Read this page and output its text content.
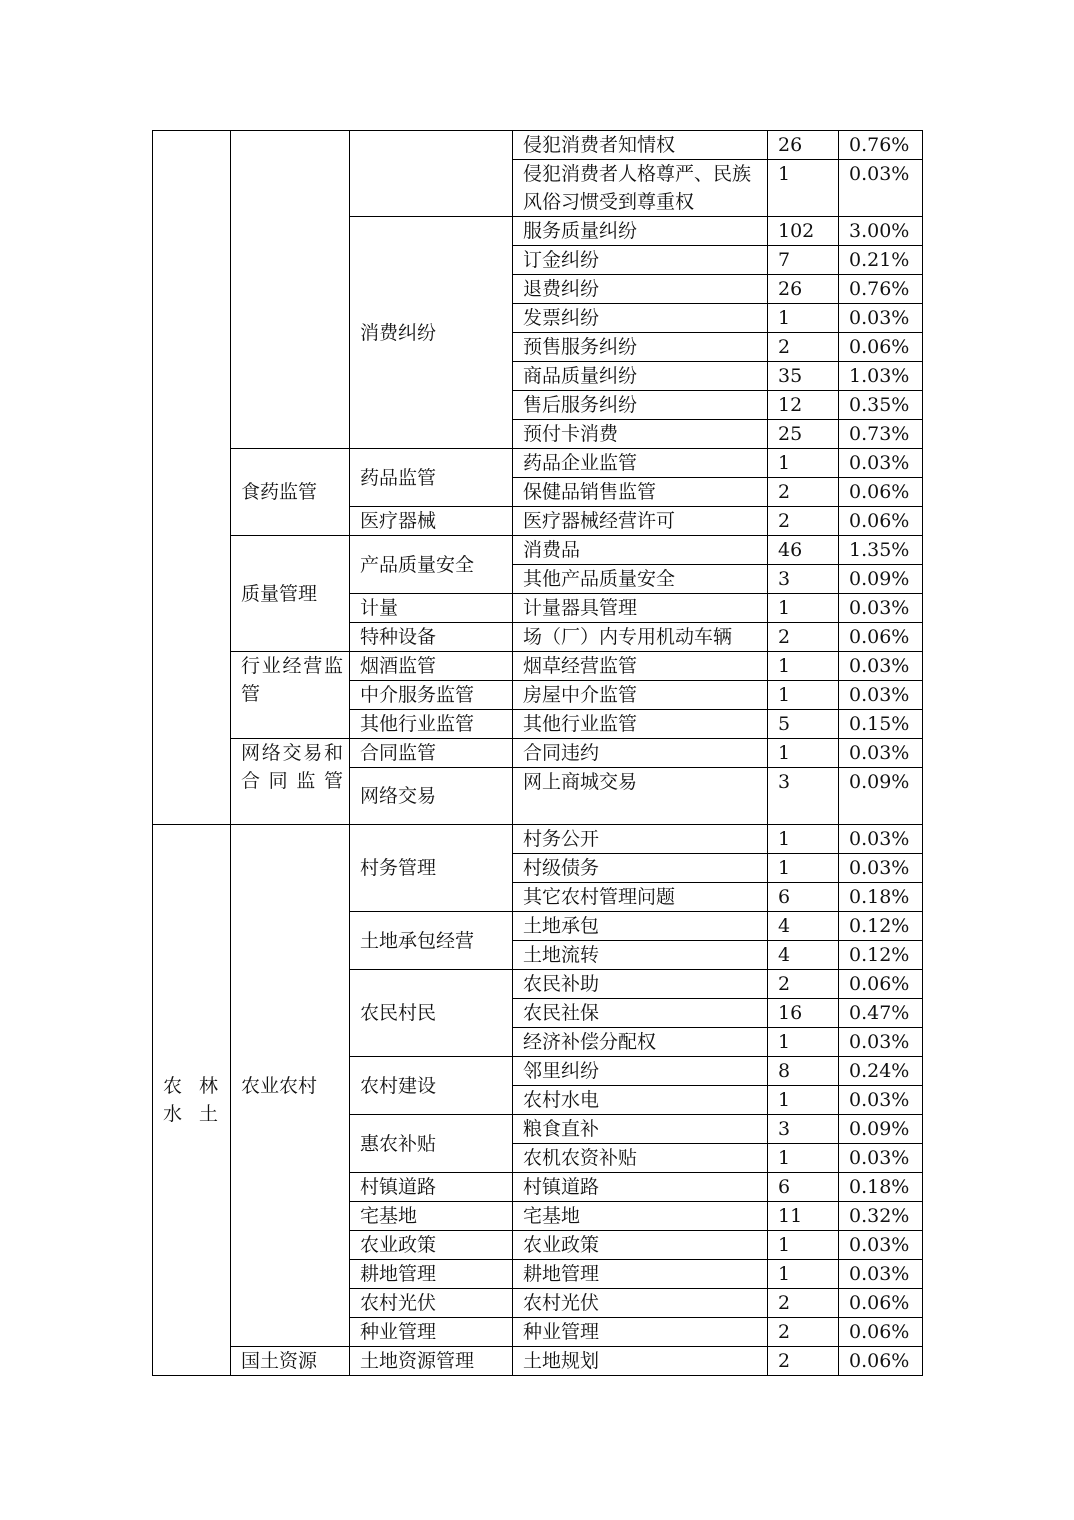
			侵犯消费者知情权	26	0.76%
			侵犯消费者人格尊严、民族风俗习惯受到尊重权	1	0.03%
		消费纠纷	服务质量纠纷	102	3.00%
			订金纠纷	7	0.21%
			退费纠纷	26	0.76%
			发票纠纷	1	0.03%
			预售服务纠纷	2	0.06%
			商品质量纠纷	35	1.03%
			售后服务纠纷	12	0.35%
			预付卡消费	25	0.73%
	食药监管	药品监管	药品企业监管	1	0.03%
			保健品销售监管	2	0.06%
		医疗器械	医疗器械经营许可	2	0.06%
	质量管理	产品质量安全	消费品	46	1.35%
			其他产品质量安全	3	0.09%
		计量	计量器具管理	1	0.03%
		特种设备	场（厂）内专用机动车辆	2	0.06%
	行业经营监管	烟酒监管	烟草经营监管	1	0.03%
		中介服务监管	房屋中介监管	1	0.03%
		其他行业监管	其他行业监管	5	0.15%
	网络交易和合同监管	合同监管	合同违约	1	0.03%
		网络交易	网上商城交易	3	0.09%
农林水土	农业农村	村务管理	村务公开	1	0.03%
			村级债务	1	0.03%
			其它农村管理问题	6	0.18%
		土地承包经营	土地承包	4	0.12%
			土地流转	4	0.12%
		农民村民	农民补助	2	0.06%
			农民社保	16	0.47%
			经济补偿分配权	1	0.03%
		农村建设	邻里纠纷	8	0.24%
			农村水电	1	0.03%
		惠农补贴	粮食直补	3	0.09%
			农机农资补贴	1	0.03%
		村镇道路	村镇道路	6	0.18%
		宅基地	宅基地	11	0.32%
		农业政策	农业政策	1	0.03%
		耕地管理	耕地管理	1	0.03%
		农村光伏	农村光伏	2	0.06%
		种业管理	种业管理	2	0.06%
	国土资源	土地资源管理	土地规划	2	0.06%
